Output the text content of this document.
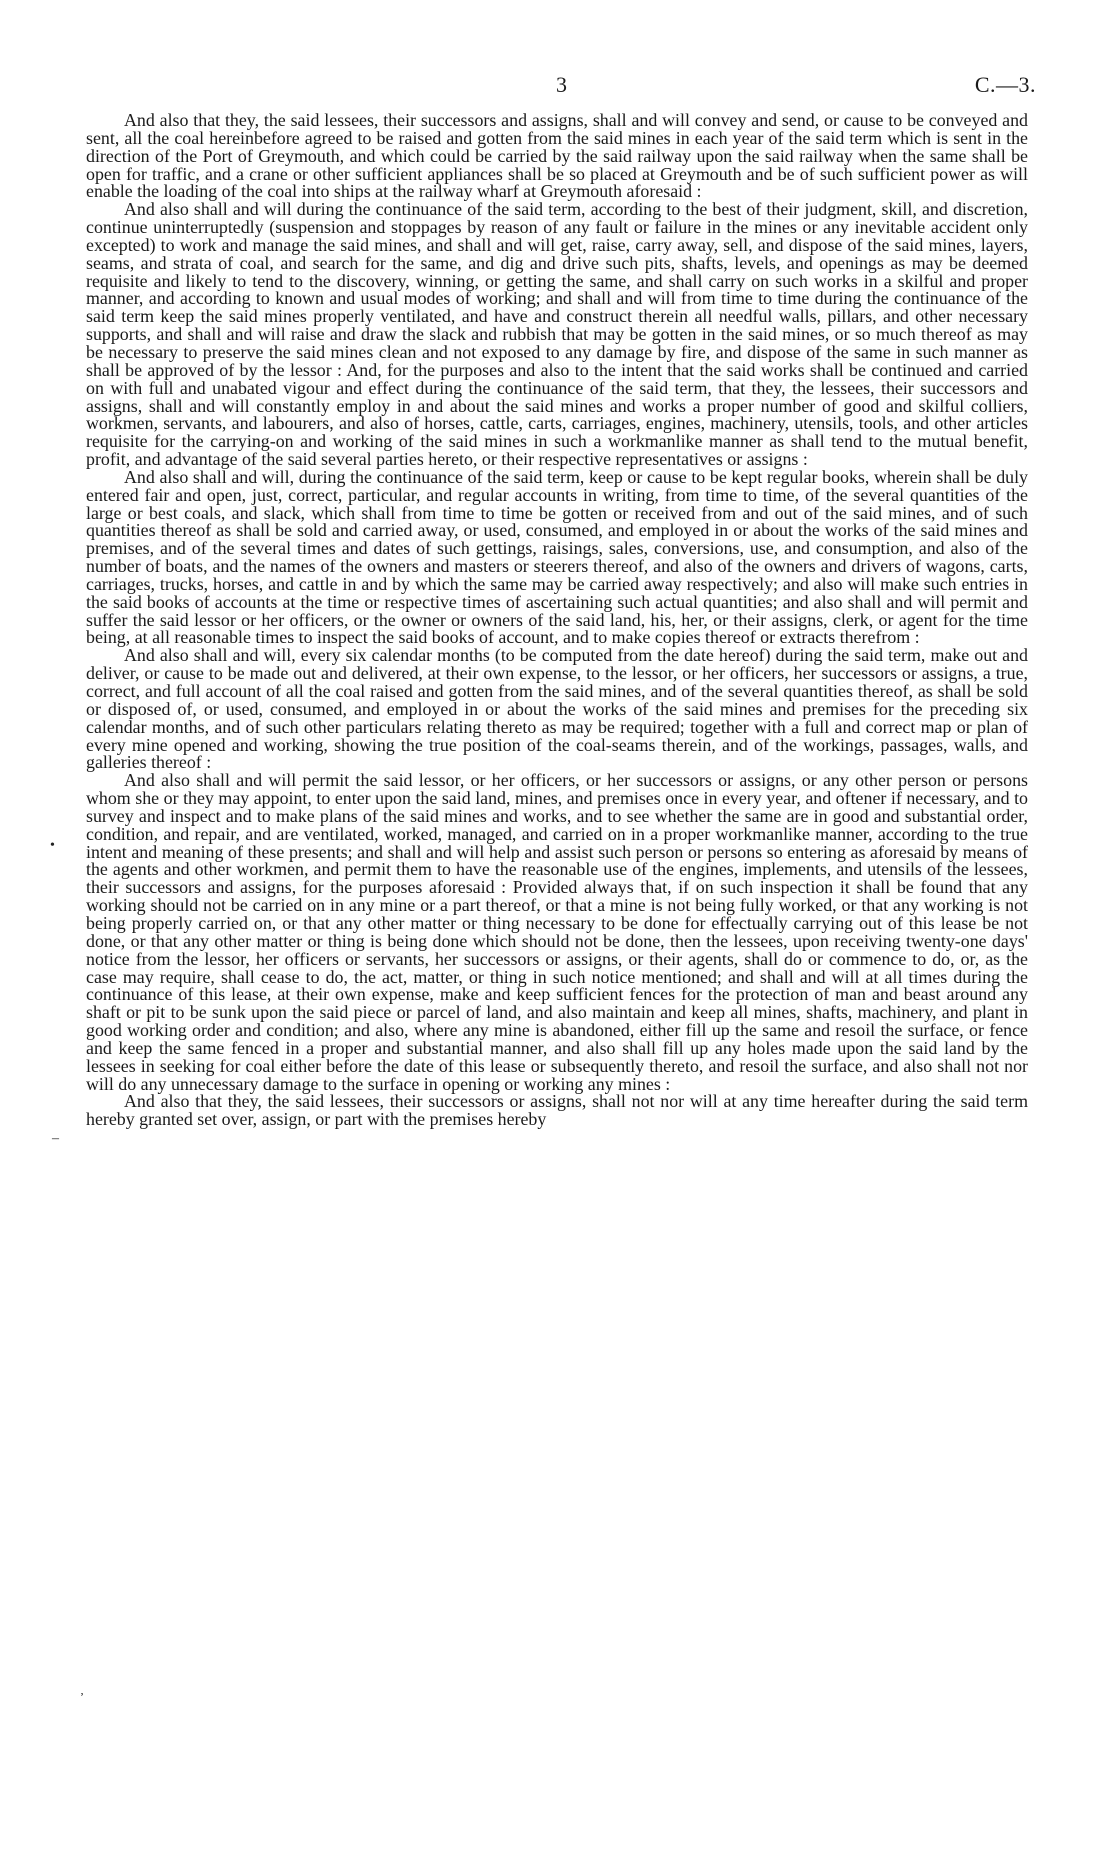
3	C.—3.
•
–
‚

And also that they, the said lessees, their successors and assigns, shall and will convey and send, or cause to be conveyed and sent, all the coal hereinbefore agreed to be raised and gotten from the said mines in each year of the said term which is sent in the direction of the Port of Greymouth, and which could be carried by the said railway upon the said railway when the same shall be open for traffic, and a crane or other sufficient appliances shall be so placed at Greymouth and be of such sufficient power as will enable the loading of the coal into ships at the railway wharf at Greymouth aforesaid :

And also shall and will during the continuance of the said term, according to the best of their judgment, skill, and discretion, continue uninterruptedly (suspension and stoppages by reason of any fault or failure in the mines or any inevitable accident only excepted) to work and manage the said mines, and shall and will get, raise, carry away, sell, and dispose of the said mines, layers, seams, and strata of coal, and search for the same, and dig and drive such pits, shafts, levels, and openings as may be deemed requisite and likely to tend to the discovery, winning, or getting the same, and shall carry on such works in a skilful and proper manner, and according to known and usual modes of working; and shall and will from time to time during the continuance of the said term keep the said mines properly ventilated, and have and construct therein all needful walls, pillars, and other necessary supports, and shall and will raise and draw the slack and rubbish that may be gotten in the said mines, or so much thereof as may be necessary to preserve the said mines clean and not exposed to any damage by fire, and dispose of the same in such manner as shall be approved of by the lessor : And, for the purposes and also to the intent that the said works shall be continued and carried on with full and unabated vigour and effect during the continuance of the said term, that they, the lessees, their successors and assigns, shall and will constantly employ in and about the said mines and works a proper number of good and skilful colliers, workmen, servants, and labourers, and also of horses, cattle, carts, carriages, engines, machinery, utensils, tools, and other articles requisite for the carrying-on and working of the said mines in such a workmanlike manner as shall tend to the mutual benefit, profit, and advantage of the said several parties hereto, or their respective representatives or assigns :

And also shall and will, during the continuance of the said term, keep or cause to be kept regular books, wherein shall be duly entered fair and open, just, correct, particular, and regular accounts in writing, from time to time, of the several quantities of the large or best coals, and slack, which shall from time to time be gotten or received from and out of the said mines, and of such quantities thereof as shall be sold and carried away, or used, consumed, and employed in or about the works of the said mines and premises, and of the several times and dates of such gettings, raisings, sales, conversions, use, and consumption, and also of the number of boats, and the names of the owners and masters or steerers thereof, and also of the owners and drivers of wagons, carts, carriages, trucks, horses, and cattle in and by which the same may be carried away respectively; and also will make such entries in the said books of accounts at the time or respective times of ascertaining such actual quantities; and also shall and will permit and suffer the said lessor or her officers, or the owner or owners of the said land, his, her, or their assigns, clerk, or agent for the time being, at all reasonable times to inspect the said books of account, and to make copies thereof or extracts therefrom :

And also shall and will, every six calendar months (to be computed from the date hereof) during the said term, make out and deliver, or cause to be made out and delivered, at their own expense, to the lessor, or her officers, her successors or assigns, a true, correct, and full account of all the coal raised and gotten from the said mines, and of the several quantities thereof, as shall be sold or disposed of, or used, consumed, and employed in or about the works of the said mines and premises for the preceding six calendar months, and of such other particulars relating thereto as may be required; together with a full and correct map or plan of every mine opened and working, showing the true position of the coal-seams therein, and of the workings, passages, walls, and galleries thereof :

And also shall and will permit the said lessor, or her officers, or her successors or assigns, or any other person or persons whom she or they may appoint, to enter upon the said land, mines, and premises once in every year, and oftener if necessary, and to survey and inspect and to make plans of the said mines and works, and to see whether the same are in good and substantial order, condition, and repair, and are ventilated, worked, managed, and carried on in a proper workmanlike manner, according to the true intent and meaning of these presents; and shall and will help and assist such person or persons so entering as aforesaid by means of the agents and other workmen, and permit them to have the reasonable use of the engines, implements, and utensils of the lessees, their successors and assigns, for the purposes aforesaid : Provided always that, if on such inspection it shall be found that any working should not be carried on in any mine or a part thereof, or that a mine is not being fully worked, or that any working is not being properly carried on, or that any other matter or thing necessary to be done for effectually carrying out of this lease be not done, or that any other matter or thing is being done which should not be done, then the lessees, upon receiving twenty-one days' notice from the lessor, her officers or servants, her successors or assigns, or their agents, shall do or commence to do, or, as the case may require, shall cease to do, the act, matter, or thing in such notice mentioned; and shall and will at all times during the continuance of this lease, at their own expense, make and keep sufficient fences for the protection of man and beast around any shaft or pit to be sunk upon the said piece or parcel of land, and also maintain and keep all mines, shafts, machinery, and plant in good working order and condition; and also, where any mine is abandoned, either fill up the same and resoil the surface, or fence and keep the same fenced in a proper and substantial manner, and also shall fill up any holes made upon the said land by the lessees in seeking for coal either before the date of this lease or subsequently thereto, and resoil the surface, and also shall not nor will do any unnecessary damage to the surface in opening or working any mines :

And also that they, the said lessees, their successors or assigns, shall not nor will at any time hereafter during the said term hereby granted set over, assign, or part with the premises hereby
